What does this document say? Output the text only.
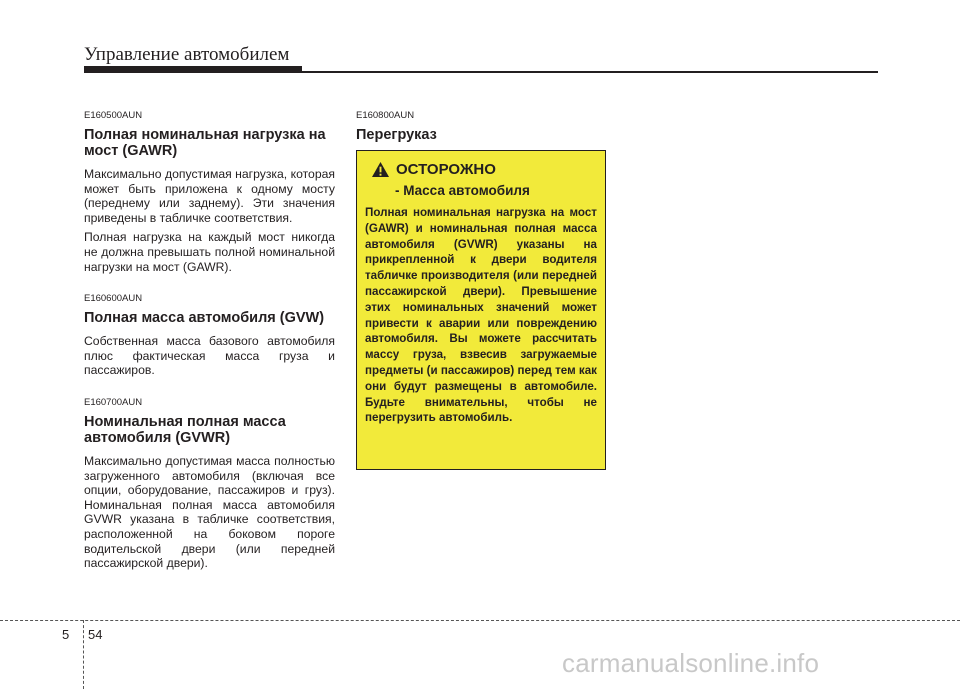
Управление автомобилем
E160500AUN
Полная номинальная нагрузка на мост (GAWR)
Максимально допустимая нагрузка, которая может быть приложена к одному мосту (переднему или заднему). Эти значения приведены в табличке соответствия.
Полная нагрузка на каждый мост никогда не должна превышать полной номинальной нагрузки на мост (GAWR).
E160600AUN
Полная масса автомобиля (GVW)
Собственная масса базового автомобиля плюс фактическая масса груза и пассажиров.
E160700AUN
Номинальная полная масса автомобиля (GVWR)
Максимально допустимая масса полностью загруженного автомобиля (включая все опции, оборудование, пассажиров и груз). Номинальная полная масса автомобиля GVWR указана в табличке соответствия, расположенной на боковом пороге водительской двери (или передней пассажирской двери).
E160800AUN
Перегруказ
ОСТОРОЖНО
- Масса автомобиля
Полная номинальная нагрузка на мост (GAWR) и номинальная полная масса автомобиля (GVWR) указаны на прикрепленной к двери водителя табличке производителя (или передней пассажирской двери). Превышение этих номинальных значений может привести к аварии или повреждению автомобиля. Вы можете рассчитать массу груза, взвесив загружаемые предметы (и пассажиров) перед тем как они будут размещены в автомобиле. Будьте внимательны, чтобы не перегрузить автомобиль.
5 54
carmanualsonline.info
